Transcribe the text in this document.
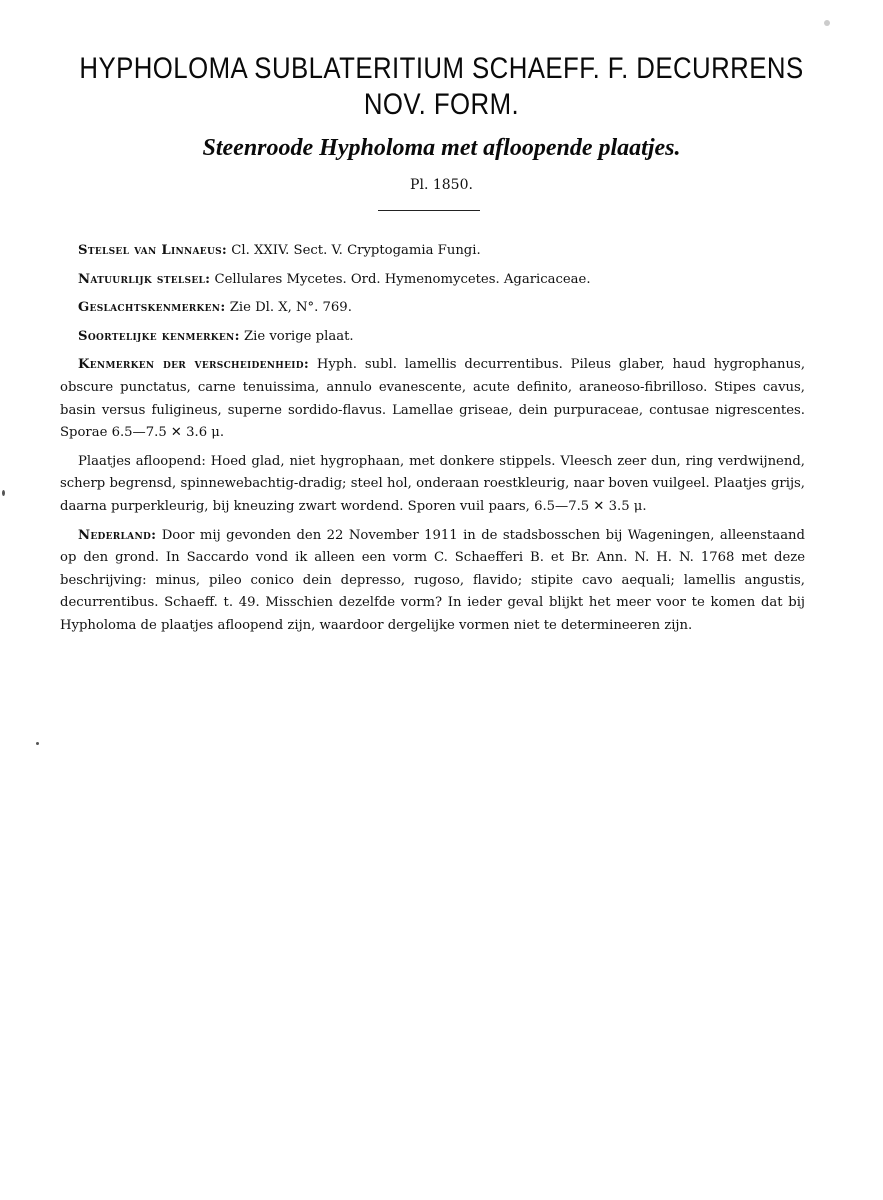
HYPHOLOMA SUBLATERITIUM SCHAEFF. F. DECURRENS
NOV. FORM.
Steenroode Hypholoma met afloopende plaatjes.
Pl. 1850.

Stelsel van Linnaeus: Cl. XXIV. Sect. V. Cryptogamia Fungi.

Natuurlijk stelsel: Cellulares Mycetes. Ord. Hymenomycetes. Agaricaceae.

Geslachtskenmerken: Zie Dl. X, N°. 769.

Soortelijke kenmerken: Zie vorige plaat.

Kenmerken der verscheidenheid: Hyph. subl. lamellis decurrentibus. Pileus glaber, haud hygrophanus, obscure punctatus, carne tenuissima, annulo evanescente, acute definito, araneoso-fibrilloso. Stipes cavus, basin versus fuligineus, superne sordido-flavus. Lamellae griseae, dein purpuraceae, contusae nigrescentes. Sporae 6.5—7.5 ✕ 3.6 μ.

Plaatjes afloopend: Hoed glad, niet hygrophaan, met donkere stippels. Vleesch zeer dun, ring verdwijnend, scherp begrensd, spinnewebachtig-dradig; steel hol, onderaan roestkleurig, naar boven vuilgeel. Plaatjes grijs, daarna purperkleurig, bij kneuzing zwart wordend. Sporen vuil paars, 6.5—7.5 ✕ 3.5 μ.

Nederland: Door mij gevonden den 22 November 1911 in de stadsbosschen bij Wageningen, alleenstaand op den grond. In Saccardo vond ik alleen een vorm C. Schaefferi B. et Br. Ann. N. H. N. 1768 met deze beschrijving: minus, pileo conico dein depresso, rugoso, flavido; stipite cavo aequali; lamellis angustis, decurrentibus. Schaeff. t. 49. Misschien dezelfde vorm? In ieder geval blijkt het meer voor te komen dat bij Hypholoma de plaatjes afloopend zijn, waardoor dergelijke vormen niet te determineeren zijn.
